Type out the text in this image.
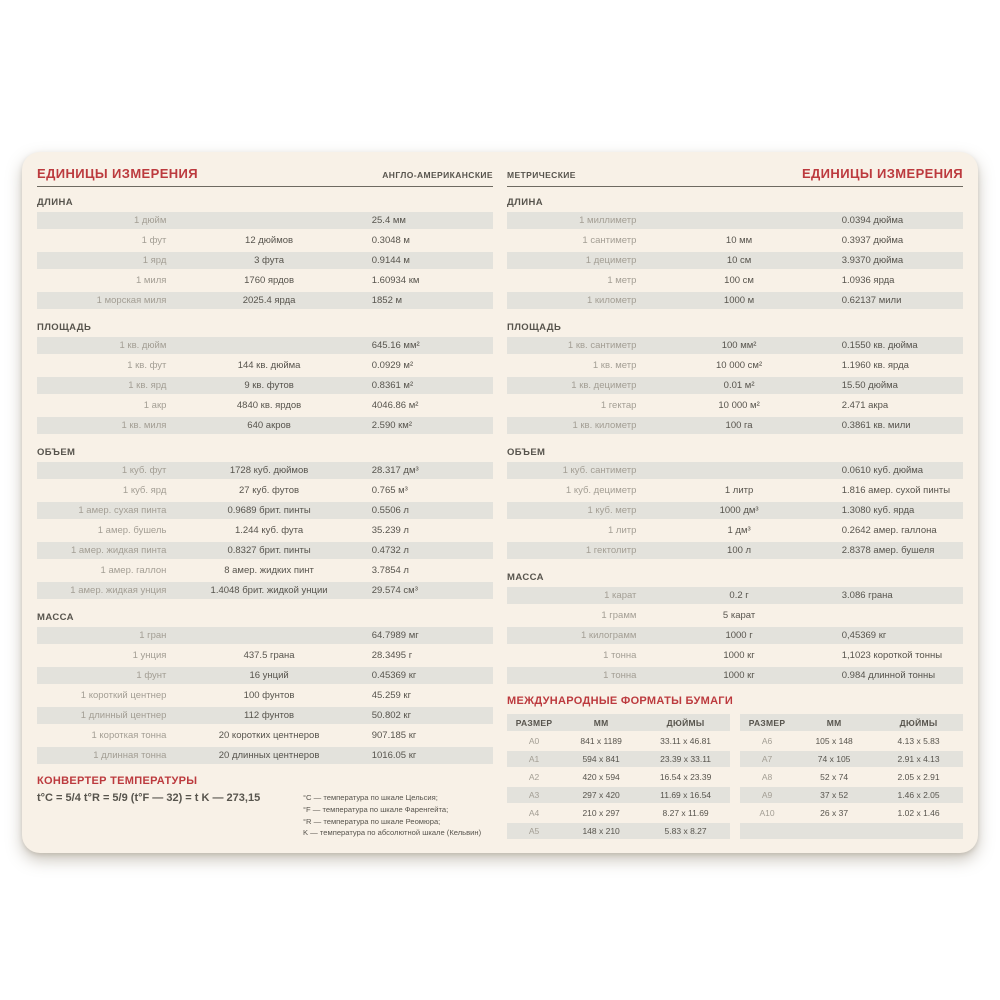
ЕДИНИЦЫ ИЗМЕРЕНИЯ	АНГЛО-АМЕРИКАНСКИЕ
ДЛИНА
1 дюйм		25.4 мм
1 фут	12 дюймов	0.3048 м
1 ярд	3 фута	0.9144 м
1 миля	1760 ярдов	1.60934 км
1 морская миля	2025.4 ярда	1852 м
ПЛОЩАДЬ
1 кв. дюйм		645.16 мм²
1 кв. фут	144 кв. дюйма	0.0929 м²
1 кв. ярд	9 кв. футов	0.8361 м²
1 акр	4840 кв. ярдов	4046.86 м²
1 кв. миля	640 акров	2.590 км²
ОБЪЕМ
1 куб. фут	1728 куб. дюймов	28.317 дм³
1 куб. ярд	27 куб. футов	0.765 м³
1 амер. сухая пинта	0.9689 брит. пинты	0.5506 л
1 амер. бушель	1.244 куб. фута	35.239 л
1 амер. жидкая пинта	0.8327 брит. пинты	0.4732 л
1 амер. галлон	8 амер. жидких пинт	3.7854 л
1 амер. жидкая унция	1.4048 брит. жидкой унции	29.574 см³
МАССА
1 гран		64.7989 мг
1 унция	437.5 грана	28.3495 г
1 фунт	16 унций	0.45369 кг
1 короткий центнер	100 фунтов	45.259 кг
1 длинный центнер	112 фунтов	50.802 кг
1 короткая тонна	20 коротких центнеров	907.185 кг
1 длинная тонна	20 длинных центнеров	1016.05 кг
КОНВЕРТЕР ТЕМПЕРАТУРЫ
t°C = 5/4 t°R = 5/9 (t°F — 32) = t K — 273,15	°C — температура по шкале Цельсия;
°F — температура по шкале Фаренгейта;
°R — температура по шкале Реомюра;
K — температура по абсолютной шкале (Кельвин)
МЕТРИЧЕСКИЕ	ЕДИНИЦЫ ИЗМЕРЕНИЯ
ДЛИНА
1 миллиметр		0.0394 дюйма
1 сантиметр	10 мм	0.3937 дюйма
1 дециметр	10 см	3.9370 дюйма
1 метр	100 см	1.0936 ярда
1 километр	1000 м	0.62137 мили
ПЛОЩАДЬ
1 кв. сантиметр	100 мм²	0.1550 кв. дюйма
1 кв. метр	10 000 см²	1.1960 кв. ярда
1 кв. дециметр	0.01 м²	15.50 дюйма
1 гектар	10 000 м²	2.471 акра
1 кв. километр	100 га	0.3861 кв. мили
ОБЪЕМ
1 куб. сантиметр		0.0610 куб. дюйма
1 куб. дециметр	1 литр	1.816 амер. сухой пинты
1 куб. метр	1000 дм³	1.3080 куб. ярда
1 литр	1 дм³	0.2642 амер. галлона
1 гектолитр	100 л	2.8378 амер. бушеля
МАССА
1 карат	0.2 г	3.086 грана
1 грамм	5 карат	
1 килограмм	1000 г	0,45369 кг
1 тонна	1000 кг	1,1023 короткой тонны
1 тонна	1000 кг	0.984 длинной тонны
МЕЖДУНАРОДНЫЕ ФОРМАТЫ БУМАГИ
РАЗМЕР	ММ	ДЮЙМЫ
A0	841 x 1189	33.11 x 46.81
A1	594 x 841	23.39 x 33.11
A2	420 x 594	16.54 x 23.39
A3	297 x 420	11.69 x 16.54
A4	210 x 297	8.27 x 11.69
A5	148 x 210	5.83 x 8.27
РАЗМЕР	ММ	ДЮЙМЫ
A6	105 x 148	4.13 x 5.83
A7	74 x 105	2.91 x 4.13
A8	52 x 74	2.05 x 2.91
A9	37 x 52	1.46 x 2.05
A10	26 x 37	1.02 x 1.46
